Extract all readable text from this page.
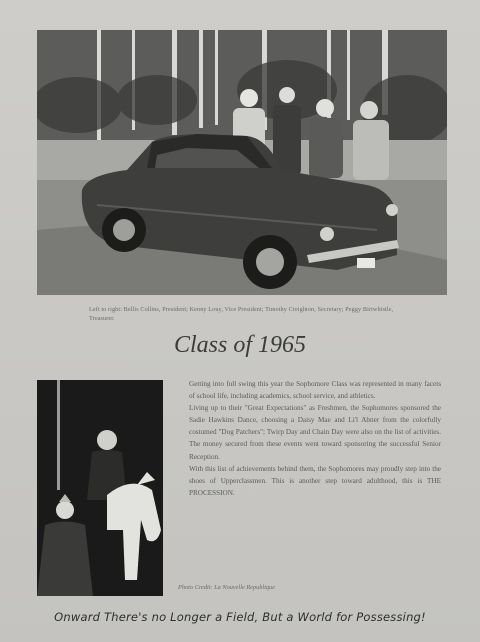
Left to right: Bellis Collins, President; Kenny Louy, Vice President; Timothy Creighton, Secretary; Peggy Birtwhistle, Treasurer.
Class of 1965

Getting into full swing this year the Sophomore Class was represented in many facets of school life, including academics, school service, and athletics.

Living up to their "Great Expectations" as Freshmen, the Sophomores sponsored the Sadie Hawkins Dance, choosing a Daisy Mae and Li'l Abner from the colorfully costumed "Dog Patchers"; Twirp Day and Chain Day were also on the list of activities. The money secured from these events went toward sponsoring the successful Senior Reception.

With this list of achievements behind them, the Sophomores may proudly step into the shoes of Upperclassmen. This is another step toward adulthood, this is THE PROCESSION.

Photo Credit: La Nouvelle Republique
Onward There's no Longer a Field, But a World for Possessing!
